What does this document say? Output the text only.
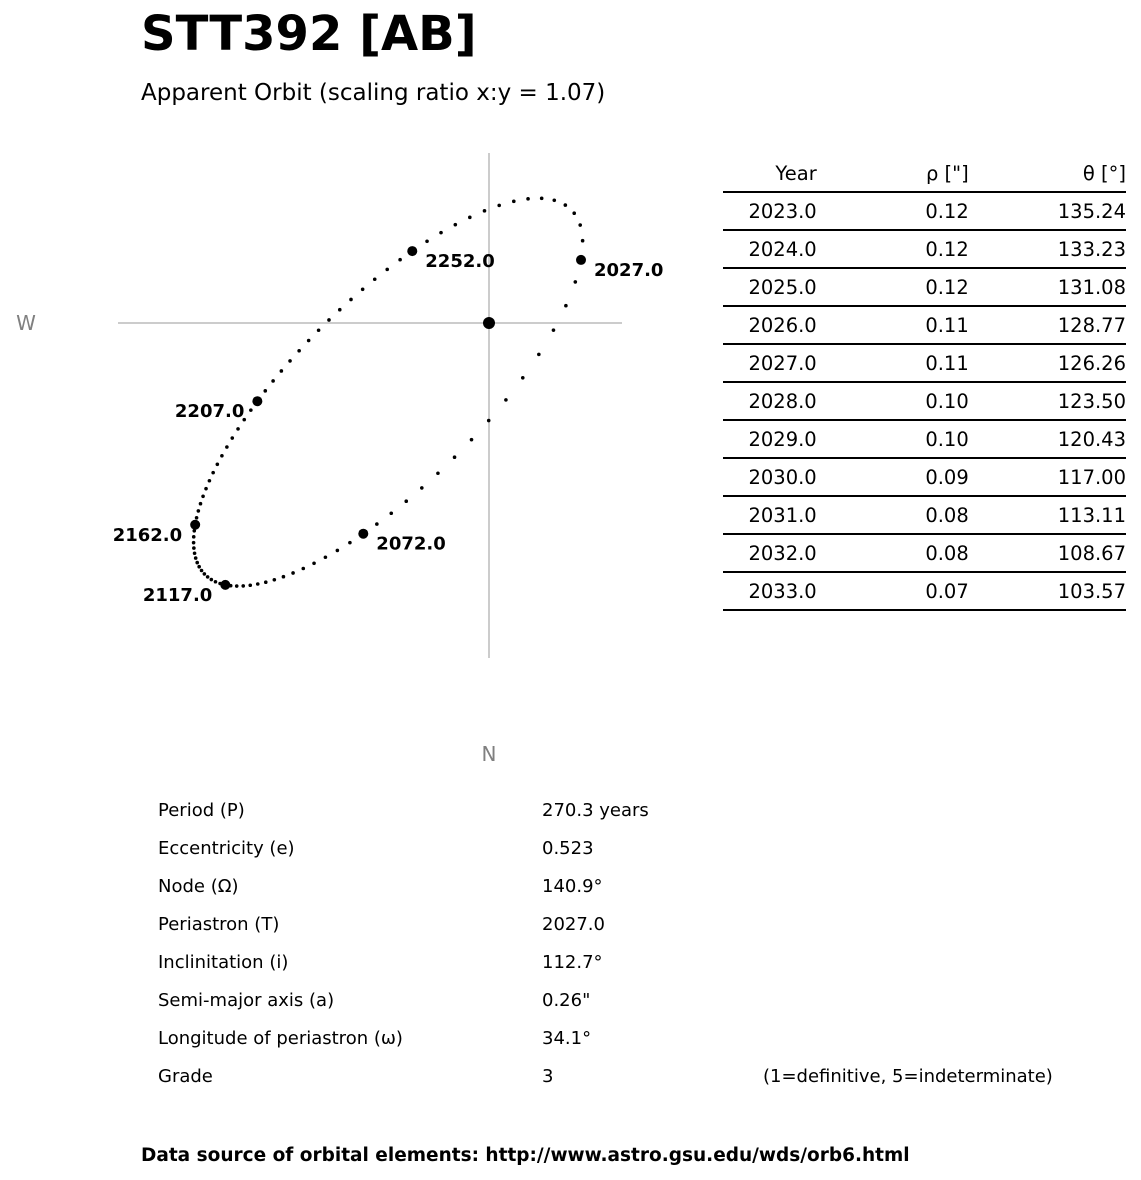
STT392 [AB]
Apparent Orbit (scaling ratio x:y = 1.07)
W
N
2027.0
2072.0
2117.0
2162.0
2207.0
2252.0
Year	ρ ["]	θ [°]
2023.0	0.12	135.24
2024.0	0.12	133.23
2025.0	0.12	131.08
2026.0	0.11	128.77
2027.0	0.11	126.26
2028.0	0.10	123.50
2029.0	0.10	120.43
2030.0	0.09	117.00
2031.0	0.08	113.11
2032.0	0.08	108.67
2033.0	0.07	103.57
Period (P)	270.3 years
Eccentricity (e)	0.523
Node (Ω)	140.9°
Periastron (T)	2027.0
Inclinitation (i)	112.7°
Semi-major axis (a)	0.26"
Longitude of periastron (ω)	34.1°
Grade	3	(1=definitive, 5=indeterminate)
Data source of orbital elements: http://www.astro.gsu.edu/wds/orb6.html
